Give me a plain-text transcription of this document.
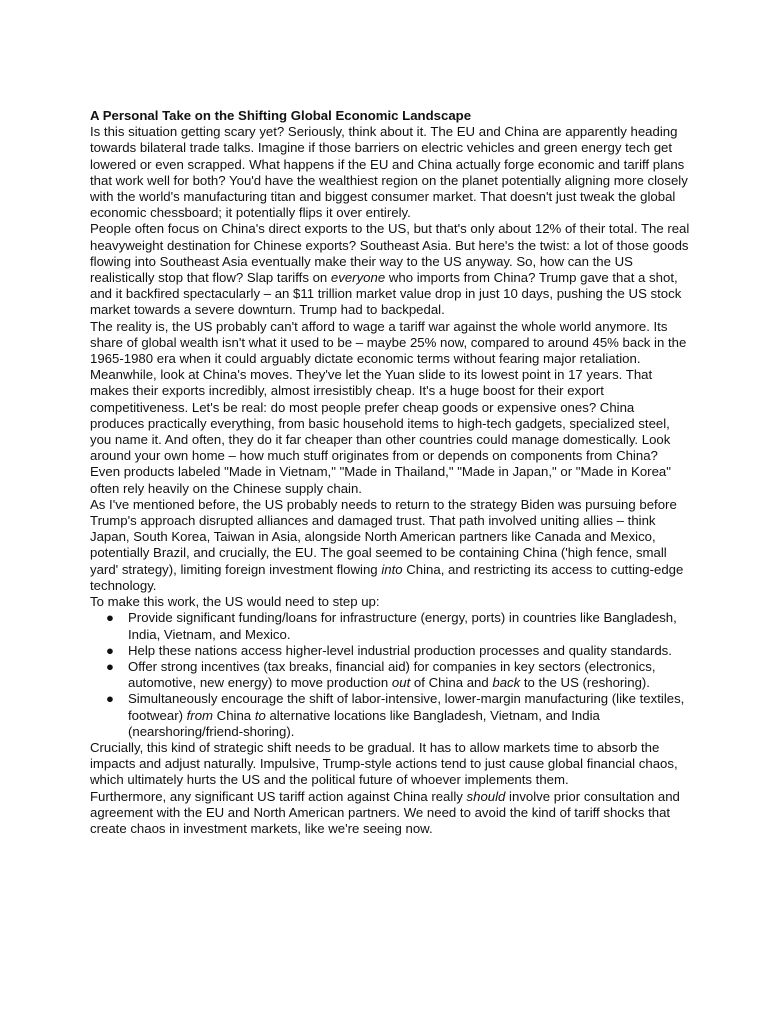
A Personal Take on the Shifting Global Economic Landscape

Is this situation getting scary yet? Seriously, think about it. The EU and China are apparently heading towards bilateral trade talks. Imagine if those barriers on electric vehicles and green energy tech get lowered or even scrapped. What happens if the EU and China actually forge economic and tariff plans that work well for both? You'd have the wealthiest region on the planet potentially aligning more closely with the world's manufacturing titan and biggest consumer market. That doesn't just tweak the global economic chessboard; it potentially flips it over entirely.

People often focus on China's direct exports to the US, but that's only about 12% of their total. The real heavyweight destination for Chinese exports? Southeast Asia. But here's the twist: a lot of those goods flowing into Southeast Asia eventually make their way to the US anyway. So, how can the US realistically stop that flow? Slap tariffs on everyone who imports from China? Trump gave that a shot, and it backfired spectacularly – an $11 trillion market value drop in just 10 days, pushing the US stock market towards a severe downturn. Trump had to backpedal.

The reality is, the US probably can't afford to wage a tariff war against the whole world anymore. Its share of global wealth isn't what it used to be – maybe 25% now, compared to around 45% back in the 1965-1980 era when it could arguably dictate economic terms without fearing major retaliation.

Meanwhile, look at China's moves. They've let the Yuan slide to its lowest point in 17 years. That makes their exports incredibly, almost irresistibly cheap. It's a huge boost for their export competitiveness. Let's be real: do most people prefer cheap goods or expensive ones? China produces practically everything, from basic household items to high-tech gadgets, specialized steel, you name it. And often, they do it far cheaper than other countries could manage domestically. Look around your own home – how much stuff originates from or depends on components from China? Even products labeled "Made in Vietnam," "Made in Thailand," "Made in Japan," or "Made in Korea" often rely heavily on the Chinese supply chain.

As I've mentioned before, the US probably needs to return to the strategy Biden was pursuing before Trump's approach disrupted alliances and damaged trust. That path involved uniting allies – think Japan, South Korea, Taiwan in Asia, alongside North American partners like Canada and Mexico, potentially Brazil, and crucially, the EU. The goal seemed to be containing China ('high fence, small yard' strategy), limiting foreign investment flowing into China, and restricting its access to cutting-edge technology.

To make this work, the US would need to step up:

● Provide significant funding/loans for infrastructure (energy, ports) in countries like Bangladesh, India, Vietnam, and Mexico.
● Help these nations access higher-level industrial production processes and quality standards.
● Offer strong incentives (tax breaks, financial aid) for companies in key sectors (electronics, automotive, new energy) to move production out of China and back to the US (reshoring).
● Simultaneously encourage the shift of labor-intensive, lower-margin manufacturing (like textiles, footwear) from China to alternative locations like Bangladesh, Vietnam, and India (nearshoring/friend-shoring).

Crucially, this kind of strategic shift needs to be gradual. It has to allow markets time to absorb the impacts and adjust naturally. Impulsive, Trump-style actions tend to just cause global financial chaos, which ultimately hurts the US and the political future of whoever implements them.

Furthermore, any significant US tariff action against China really should involve prior consultation and agreement with the EU and North American partners. We need to avoid the kind of tariff shocks that create chaos in investment markets, like we're seeing now.
